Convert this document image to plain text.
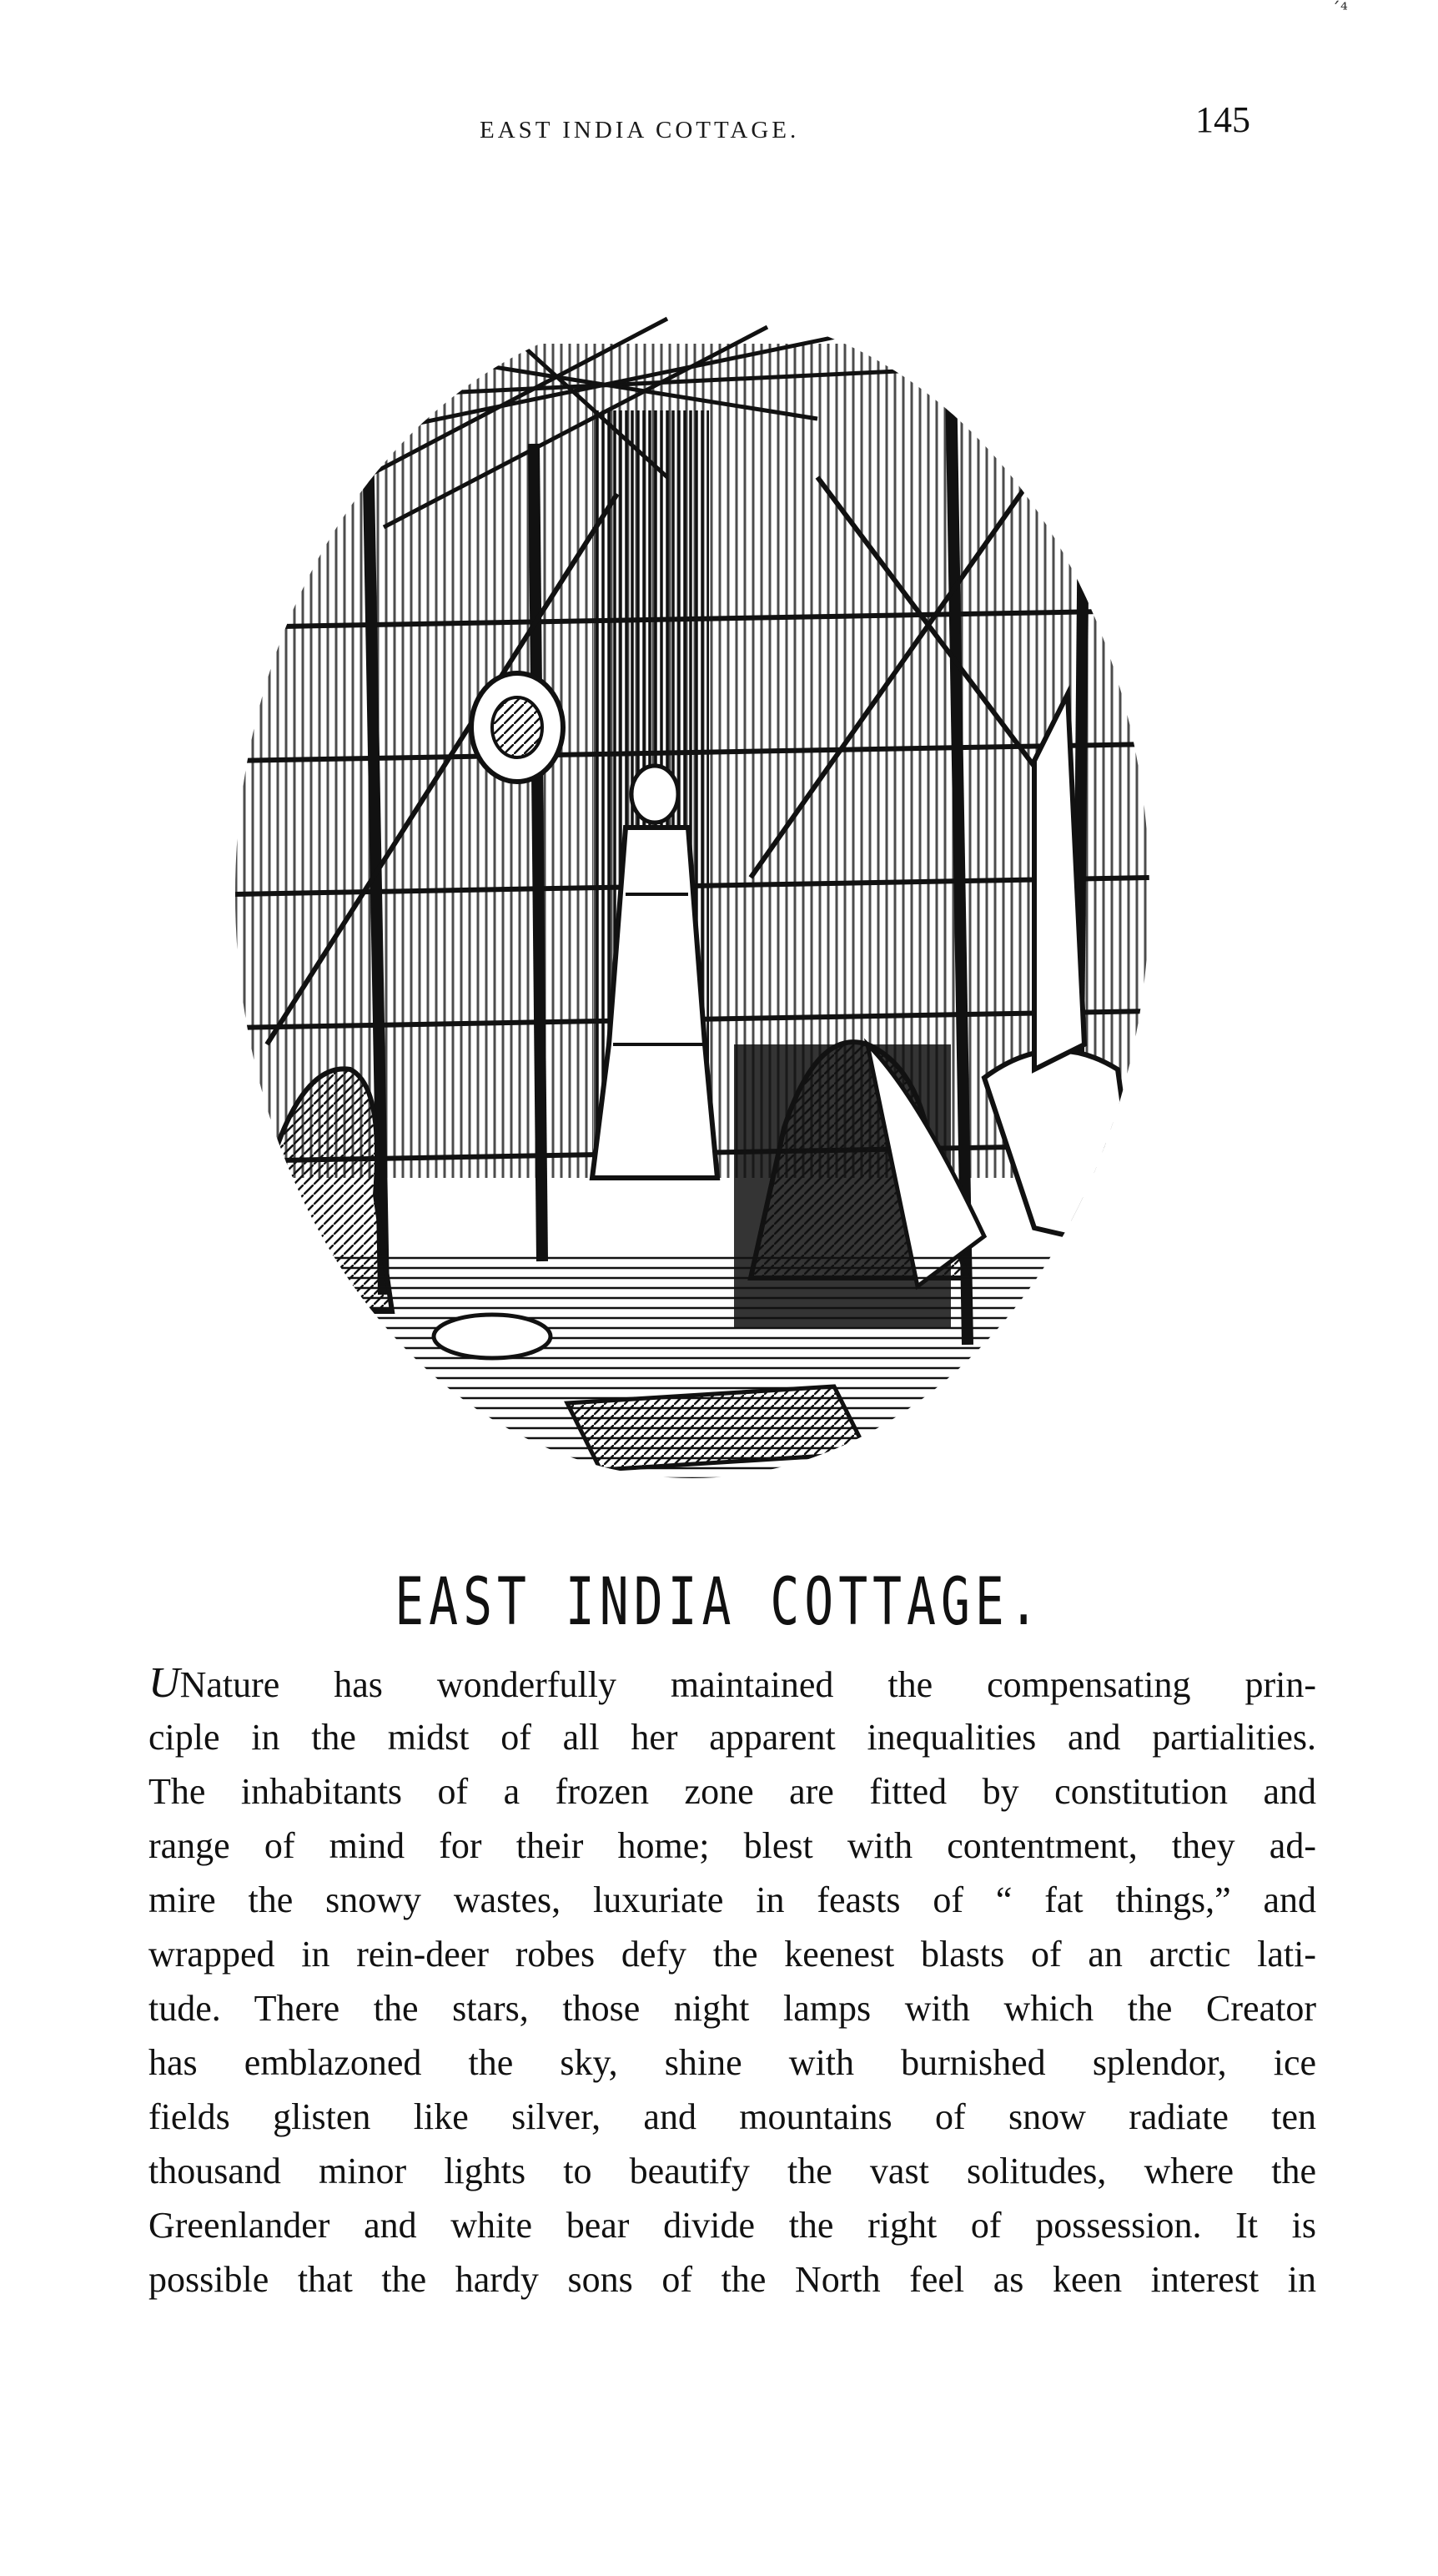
´⁴
EAST INDIA COTTAGE.	145
EAST INDIA COTTAGE.
UNature has wonderfully maintained the compensating prin-
ciple in the midst of all her apparent inequalities and partialities.
The inhabitants of a frozen zone are fitted by constitution and
range of mind for their home; blest with contentment, they ad-
mire the snowy wastes, luxuriate in feasts of “ fat things,” and
wrapped in rein-deer robes defy the keenest blasts of an arctic lati-
tude. There the stars, those night lamps with which the Creator
has emblazoned the sky, shine with burnished splendor, ice
fields glisten like silver, and mountains of snow radiate ten
thousand minor lights to beautify the vast solitudes, where the
Greenlander and white bear divide the right of possession. It is
possible that the hardy sons of the North feel as keen interest in
